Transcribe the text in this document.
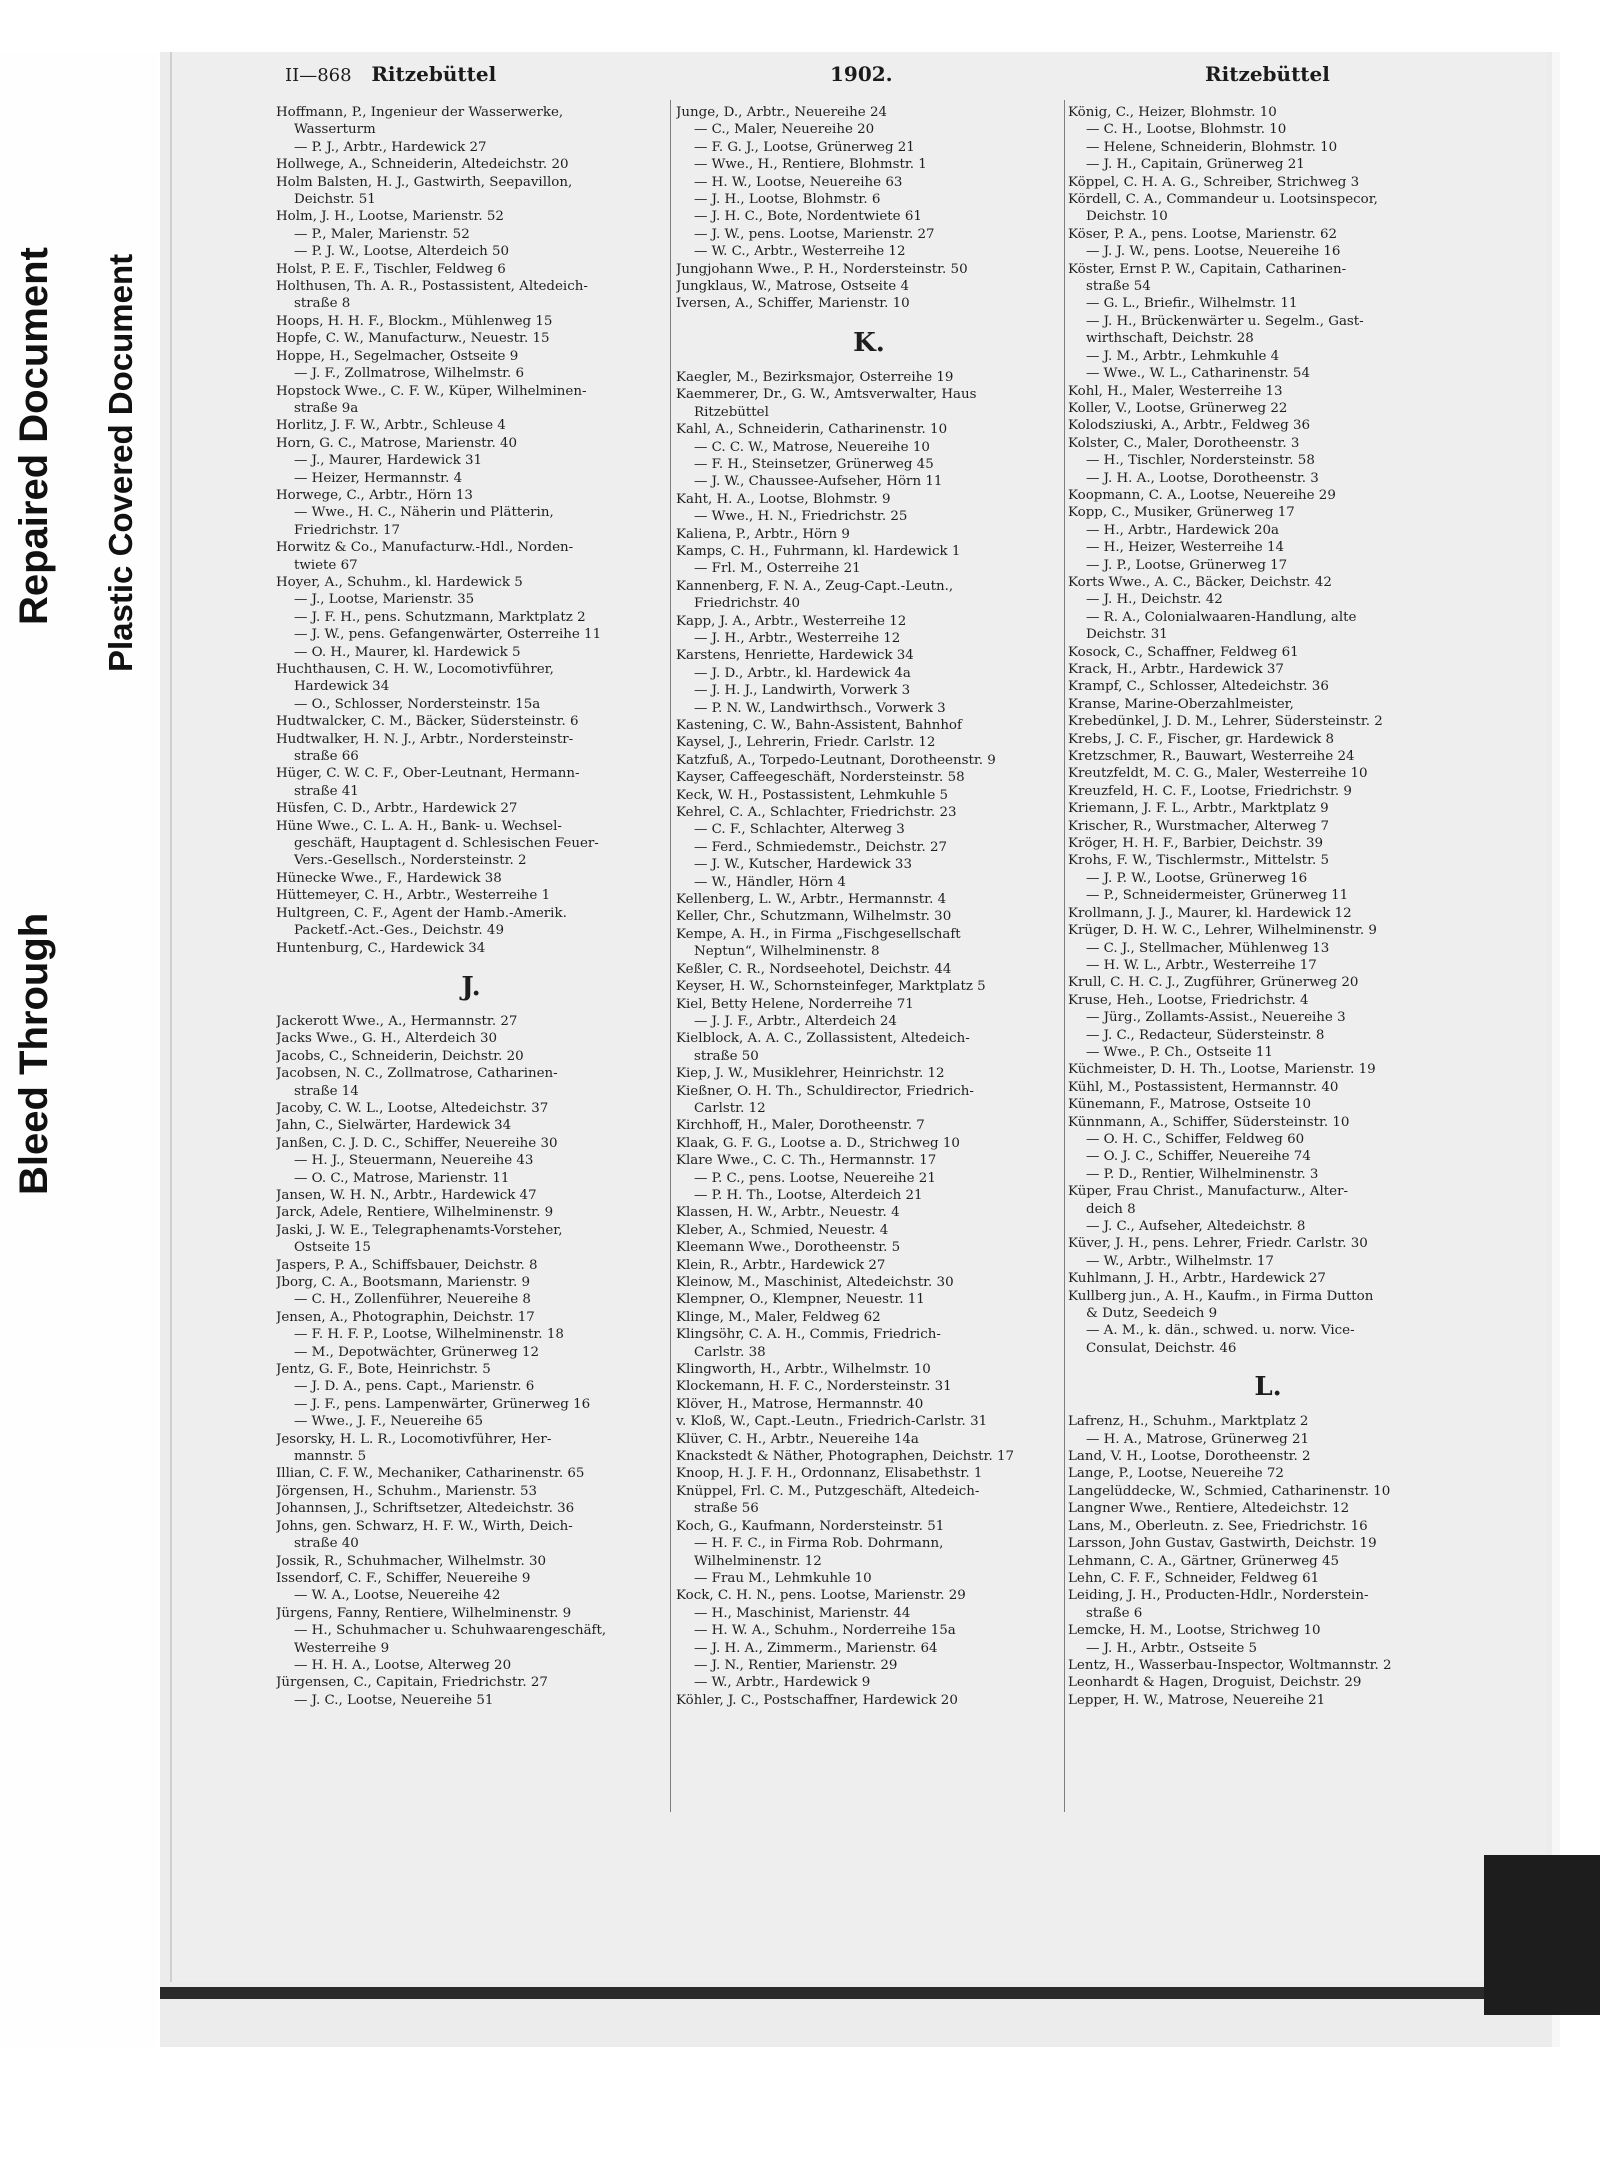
Bleed Through
Repaired Document Plastic Covered Document
II—868 Ritzebüttel	1902.	Ritzebüttel
Hoffmann, P., Ingenieur der Wasserwerke,
Wasserturm
— P. J., Arbtr., Hardewick 27
Hollwege, A., Schneiderin, Altedeichstr. 20
Holm Balsten, H. J., Gastwirth, Seepavillon,
Deichstr. 51
Holm, J. H., Lootse, Marienstr. 52
— P., Maler, Marienstr. 52
— P. J. W., Lootse, Alterdeich 50
Holst, P. E. F., Tischler, Feldweg 6
Holthusen, Th. A. R., Postassistent, Altedeich-
straße 8
Hoops, H. H. F., Blockm., Mühlenweg 15
Hopfe, C. W., Manufacturw., Neuestr. 15
Hoppe, H., Segelmacher, Ostseite 9
— J. F., Zollmatrose, Wilhelmstr. 6
Hopstock Wwe., C. F. W., Küper, Wilhelminen-
straße 9a
Horlitz, J. F. W., Arbtr., Schleuse 4
Horn, G. C., Matrose, Marienstr. 40
— J., Maurer, Hardewick 31
— Heizer, Hermannstr. 4
Horwege, C., Arbtr., Hörn 13
— Wwe., H. C., Näherin und Plätterin,
Friedrichstr. 17
Horwitz & Co., Manufacturw.-Hdl., Norden-
twiete 67
Hoyer, A., Schuhm., kl. Hardewick 5
— J., Lootse, Marienstr. 35
— J. F. H., pens. Schutzmann, Marktplatz 2
— J. W., pens. Gefangenwärter, Osterreihe 11
— O. H., Maurer, kl. Hardewick 5
Huchthausen, C. H. W., Locomotivführer,
Hardewick 34
— O., Schlosser, Nordersteinstr. 15a
Hudtwalcker, C. M., Bäcker, Südersteinstr. 6
Hudtwalker, H. N. J., Arbtr., Nordersteinstr-
straße 66
Hüger, C. W. C. F., Ober-Leutnant, Hermann-
straße 41
Hüsfen, C. D., Arbtr., Hardewick 27
Hüne Wwe., C. L. A. H., Bank- u. Wechsel-
geschäft, Hauptagent d. Schlesischen Feuer-
Vers.-Gesellsch., Nordersteinstr. 2
Hünecke Wwe., F., Hardewick 38
Hüttemeyer, C. H., Arbtr., Westerreihe 1
Hultgreen, C. F., Agent der Hamb.-Amerik.
Packetf.-Act.-Ges., Deichstr. 49
Huntenburg, C., Hardewick 34
J.
Jackerott Wwe., A., Hermannstr. 27
Jacks Wwe., G. H., Alterdeich 30
Jacobs, C., Schneiderin, Deichstr. 20
Jacobsen, N. C., Zollmatrose, Catharinen-
straße 14
Jacoby, C. W. L., Lootse, Altedeichstr. 37
Jahn, C., Sielwärter, Hardewick 34
Janßen, C. J. D. C., Schiffer, Neuereihe 30
— H. J., Steuermann, Neuereihe 43
— O. C., Matrose, Marienstr. 11
Jansen, W. H. N., Arbtr., Hardewick 47
Jarck, Adele, Rentiere, Wilhelminenstr. 9
Jaski, J. W. E., Telegraphenamts-Vorsteher,
Ostseite 15
Jaspers, P. A., Schiffsbauer, Deichstr. 8
Jborg, C. A., Bootsmann, Marienstr. 9
— C. H., Zollenführer, Neuereihe 8
Jensen, A., Photographin, Deichstr. 17
— F. H. F. P., Lootse, Wilhelminenstr. 18
— M., Depotwächter, Grünerweg 12
Jentz, G. F., Bote, Heinrichstr. 5
— J. D. A., pens. Capt., Marienstr. 6
— J. F., pens. Lampenwärter, Grünerweg 16
— Wwe., J. F., Neuereihe 65
Jesorsky, H. L. R., Locomotivführer, Her-
mannstr. 5
Illian, C. F. W., Mechaniker, Catharinenstr. 65
Jörgensen, H., Schuhm., Marienstr. 53
Johannsen, J., Schriftsetzer, Altedeichstr. 36
Johns, gen. Schwarz, H. F. W., Wirth, Deich-
straße 40
Jossik, R., Schuhmacher, Wilhelmstr. 30
Issendorf, C. F., Schiffer, Neuereihe 9
— W. A., Lootse, Neuereihe 42
Jürgens, Fanny, Rentiere, Wilhelminenstr. 9
— H., Schuhmacher u. Schuhwaarengeschäft,
Westerreihe 9
— H. H. A., Lootse, Alterweg 20
Jürgensen, C., Capitain, Friedrichstr. 27
— J. C., Lootse, Neuereihe 51
Junge, D., Arbtr., Neuereihe 24
— C., Maler, Neuereihe 20
— F. G. J., Lootse, Grünerweg 21
— Wwe., H., Rentiere, Blohmstr. 1
— H. W., Lootse, Neuereihe 63
— J. H., Lootse, Blohmstr. 6
— J. H. C., Bote, Nordentwiete 61
— J. W., pens. Lootse, Marienstr. 27
— W. C., Arbtr., Westerreihe 12
Jungjohann Wwe., P. H., Nordersteinstr. 50
Jungklaus, W., Matrose, Ostseite 4
Iversen, A., Schiffer, Marienstr. 10
K.
Kaegler, M., Bezirksmajor, Osterreihe 19
Kaemmerer, Dr., G. W., Amtsverwalter, Haus
Ritzebüttel
Kahl, A., Schneiderin, Catharinenstr. 10
— C. C. W., Matrose, Neuereihe 10
— F. H., Steinsetzer, Grünerweg 45
— J. W., Chaussee-Aufseher, Hörn 11
Kaht, H. A., Lootse, Blohmstr. 9
— Wwe., H. N., Friedrichstr. 25
Kaliena, P., Arbtr., Hörn 9
Kamps, C. H., Fuhrmann, kl. Hardewick 1
— Frl. M., Osterreihe 21
Kannenberg, F. N. A., Zeug-Capt.-Leutn.,
Friedrichstr. 40
Kapp, J. A., Arbtr., Westerreihe 12
— J. H., Arbtr., Westerreihe 12
Karstens, Henriette, Hardewick 34
— J. D., Arbtr., kl. Hardewick 4a
— J. H. J., Landwirth, Vorwerk 3
— P. N. W., Landwirthsch., Vorwerk 3
Kastening, C. W., Bahn-Assistent, Bahnhof
Kaysel, J., Lehrerin, Friedr. Carlstr. 12
Katzfuß, A., Torpedo-Leutnant, Dorotheenstr. 9
Kayser, Caffeegeschäft, Nordersteinstr. 58
Keck, W. H., Postassistent, Lehmkuhle 5
Kehrel, C. A., Schlachter, Friedrichstr. 23
— C. F., Schlachter, Alterweg 3
— Ferd., Schmiedemstr., Deichstr. 27
— J. W., Kutscher, Hardewick 33
— W., Händler, Hörn 4
Kellenberg, L. W., Arbtr., Hermannstr. 4
Keller, Chr., Schutzmann, Wilhelmstr. 30
Kempe, A. H., in Firma „Fischgesellschaft
Neptun“, Wilhelminenstr. 8
Keßler, C. R., Nordseehotel, Deichstr. 44
Keyser, H. W., Schornsteinfeger, Marktplatz 5
Kiel, Betty Helene, Norderreihe 71
— J. J. F., Arbtr., Alterdeich 24
Kielblock, A. A. C., Zollassistent, Altedeich-
straße 50
Kiep, J. W., Musiklehrer, Heinrichstr. 12
Kießner, O. H. Th., Schuldirector, Friedrich-
Carlstr. 12
Kirchhoff, H., Maler, Dorotheenstr. 7
Klaak, G. F. G., Lootse a. D., Strichweg 10
Klare Wwe., C. C. Th., Hermannstr. 17
— P. C., pens. Lootse, Neuereihe 21
— P. H. Th., Lootse, Alterdeich 21
Klassen, H. W., Arbtr., Neuestr. 4
Kleber, A., Schmied, Neuestr. 4
Kleemann Wwe., Dorotheenstr. 5
Klein, R., Arbtr., Hardewick 27
Kleinow, M., Maschinist, Altedeichstr. 30
Klempner, O., Klempner, Neuestr. 11
Klinge, M., Maler, Feldweg 62
Klingsöhr, C. A. H., Commis, Friedrich-
Carlstr. 38
Klingworth, H., Arbtr., Wilhelmstr. 10
Klockemann, H. F. C., Nordersteinstr. 31
Klöver, H., Matrose, Hermannstr. 40
v. Kloß, W., Capt.-Leutn., Friedrich-Carlstr. 31
Klüver, C. H., Arbtr., Neuereihe 14a
Knackstedt & Näther, Photographen, Deichstr. 17
Knoop, H. J. F. H., Ordonnanz, Elisabethstr. 1
Knüppel, Frl. C. M., Putzgeschäft, Altedeich-
straße 56
Koch, G., Kaufmann, Nordersteinstr. 51
— H. F. C., in Firma Rob. Dohrmann,
Wilhelminenstr. 12
— Frau M., Lehmkuhle 10
Kock, C. H. N., pens. Lootse, Marienstr. 29
— H., Maschinist, Marienstr. 44
— H. W. A., Schuhm., Norderreihe 15a
— J. H. A., Zimmerm., Marienstr. 64
— J. N., Rentier, Marienstr. 29
— W., Arbtr., Hardewick 9
Köhler, J. C., Postschaffner, Hardewick 20
König, C., Heizer, Blohmstr. 10
— C. H., Lootse, Blohmstr. 10
— Helene, Schneiderin, Blohmstr. 10
— J. H., Capitain, Grünerweg 21
Köppel, C. H. A. G., Schreiber, Strichweg 3
Kördell, C. A., Commandeur u. Lootsinspecor,
Deichstr. 10
Köser, P. A., pens. Lootse, Marienstr. 62
— J. J. W., pens. Lootse, Neuereihe 16
Köster, Ernst P. W., Capitain, Catharinen-
straße 54
— G. L., Briefir., Wilhelmstr. 11
— J. H., Brückenwärter u. Segelm., Gast-
wirthschaft, Deichstr. 28
— J. M., Arbtr., Lehmkuhle 4
— Wwe., W. L., Catharinenstr. 54
Kohl, H., Maler, Westerreihe 13
Koller, V., Lootse, Grünerweg 22
Kolodsziuski, A., Arbtr., Feldweg 36
Kolster, C., Maler, Dorotheenstr. 3
— H., Tischler, Nordersteinstr. 58
— J. H. A., Lootse, Dorotheenstr. 3
Koopmann, C. A., Lootse, Neuereihe 29
Kopp, C., Musiker, Grünerweg 17
— H., Arbtr., Hardewick 20a
— H., Heizer, Westerreihe 14
— J. P., Lootse, Grünerweg 17
Korts Wwe., A. C., Bäcker, Deichstr. 42
— J. H., Deichstr. 42
— R. A., Colonialwaaren-Handlung, alte
Deichstr. 31
Kosock, C., Schaffner, Feldweg 61
Krack, H., Arbtr., Hardewick 37
Krampf, C., Schlosser, Altedeichstr. 36
Kranse, Marine-Oberzahlmeister,
Krebedünkel, J. D. M., Lehrer, Südersteinstr. 2
Krebs, J. C. F., Fischer, gr. Hardewick 8
Kretzschmer, R., Bauwart, Westerreihe 24
Kreutzfeldt, M. C. G., Maler, Westerreihe 10
Kreuzfeld, H. C. F., Lootse, Friedrichstr. 9
Kriemann, J. F. L., Arbtr., Marktplatz 9
Krischer, R., Wurstmacher, Alterweg 7
Kröger, H. H. F., Barbier, Deichstr. 39
Krohs, F. W., Tischlermstr., Mittelstr. 5
— J. P. W., Lootse, Grünerweg 16
— P., Schneidermeister, Grünerweg 11
Krollmann, J. J., Maurer, kl. Hardewick 12
Krüger, D. H. W. C., Lehrer, Wilhelminenstr. 9
— C. J., Stellmacher, Mühlenweg 13
— H. W. L., Arbtr., Westerreihe 17
Krull, C. H. C. J., Zugführer, Grünerweg 20
Kruse, Heh., Lootse, Friedrichstr. 4
— Jürg., Zollamts-Assist., Neuereihe 3
— J. C., Redacteur, Südersteinstr. 8
— Wwe., P. Ch., Ostseite 11
Küchmeister, D. H. Th., Lootse, Marienstr. 19
Kühl, M., Postassistent, Hermannstr. 40
Künemann, F., Matrose, Ostseite 10
Künnmann, A., Schiffer, Südersteinstr. 10
— O. H. C., Schiffer, Feldweg 60
— O. J. C., Schiffer, Neuereihe 74
— P. D., Rentier, Wilhelminenstr. 3
Küper, Frau Christ., Manufacturw., Alter-
deich 8
— J. C., Aufseher, Altedeichstr. 8
Küver, J. H., pens. Lehrer, Friedr. Carlstr. 30
— W., Arbtr., Wilhelmstr. 17
Kuhlmann, J. H., Arbtr., Hardewick 27
Kullberg jun., A. H., Kaufm., in Firma Dutton
& Dutz, Seedeich 9
— A. M., k. dän., schwed. u. norw. Vice-
Consulat, Deichstr. 46
L.
Lafrenz, H., Schuhm., Marktplatz 2
— H. A., Matrose, Grünerweg 21
Land, V. H., Lootse, Dorotheenstr. 2
Lange, P., Lootse, Neuereihe 72
Langelüddecke, W., Schmied, Catharinenstr. 10
Langner Wwe., Rentiere, Altedeichstr. 12
Lans, M., Oberleutn. z. See, Friedrichstr. 16
Larsson, John Gustav, Gastwirth, Deichstr. 19
Lehmann, C. A., Gärtner, Grünerweg 45
Lehn, C. F. F., Schneider, Feldweg 61
Leiding, J. H., Producten-Hdlr., Norderstein-
straße 6
Lemcke, H. M., Lootse, Strichweg 10
— J. H., Arbtr., Ostseite 5
Lentz, H., Wasserbau-Inspector, Woltmannstr. 2
Leonhardt & Hagen, Droguist, Deichstr. 29
Lepper, H. W., Matrose, Neuereihe 21
